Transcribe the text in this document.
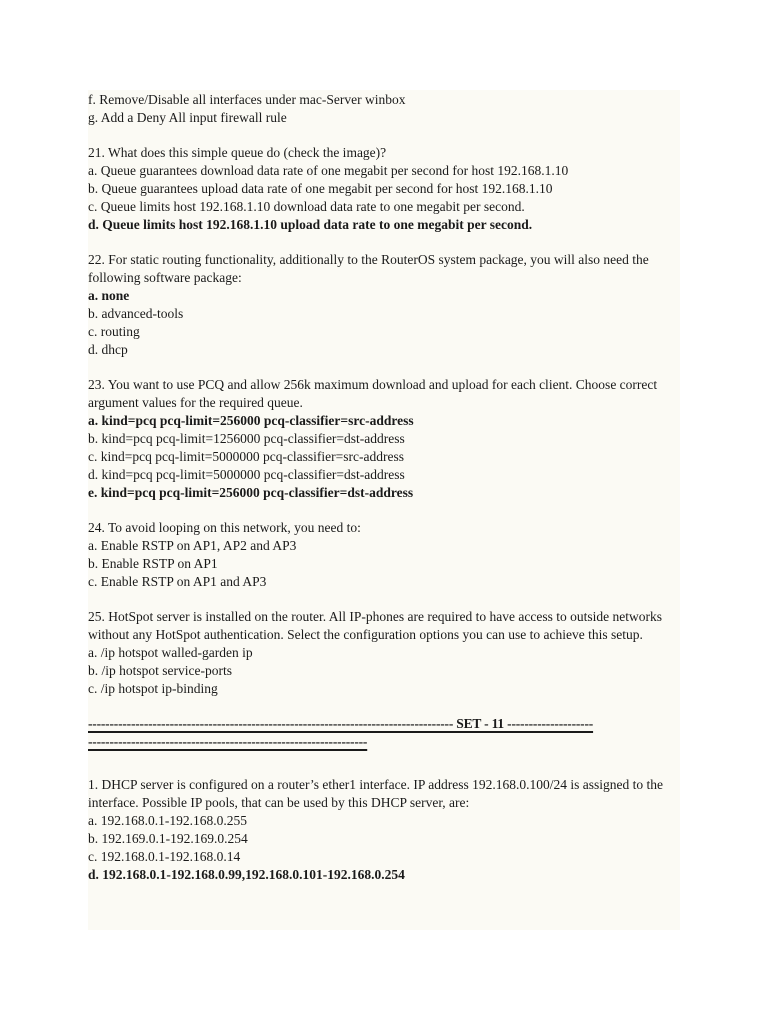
f. Remove/Disable all interfaces under mac-Server winbox
g. Add a Deny All input firewall rule
21. What does this simple queue do (check the image)?
a. Queue guarantees download data rate of one megabit per second for host 192.168.1.10
b. Queue guarantees upload data rate of one megabit per second for host 192.168.1.10
c. Queue limits host 192.168.1.10 download data rate to one megabit per second.
d. Queue limits host 192.168.1.10 upload data rate to one megabit per second.
22. For static routing functionality, additionally to the RouterOS system package, you will also need the following software package:
a. none
b. advanced-tools
c. routing
d. dhcp
23. You want to use PCQ and allow 256k maximum download and upload for each client. Choose correct argument values for the required queue.
a. kind=pcq pcq-limit=256000 pcq-classifier=src-address
b. kind=pcq pcq-limit=1256000 pcq-classifier=dst-address
c. kind=pcq pcq-limit=5000000 pcq-classifier=src-address
d. kind=pcq pcq-limit=5000000 pcq-classifier=dst-address
e. kind=pcq pcq-limit=256000 pcq-classifier=dst-address
24. To avoid looping on this network, you need to:
a. Enable RSTP on AP1, AP2 and AP3
b. Enable RSTP on AP1
c. Enable RSTP on AP1 and AP3
25. HotSpot server is installed on the router. All IP-phones are required to have access to outside networks without any HotSpot authentication. Select the configuration options you can use to achieve this setup.
a. /ip hotspot walled-garden ip
b. /ip hotspot service-ports
c. /ip hotspot ip-binding
------------------------------------------------------------------------------------- SET - 11 --------------------
-----------------------------------------------------------------
1. DHCP server is configured on a router’s ether1 interface. IP address 192.168.0.100/24 is assigned to the interface. Possible IP pools, that can be used by this DHCP server, are:
a. 192.168.0.1-192.168.0.255
b. 192.169.0.1-192.169.0.254
c. 192.168.0.1-192.168.0.14
d. 192.168.0.1-192.168.0.99,192.168.0.101-192.168.0.254
